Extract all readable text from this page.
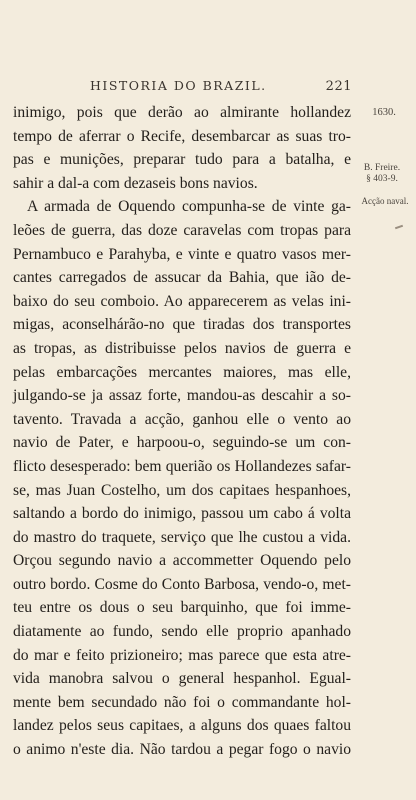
HISTORIA DO BRAZIL.	221
inimigo, pois que derão ao almirante hollandez
tempo de aferrar o Recife, desembarcar as suas tro-
pas e munições, preparar tudo para a batalha, e
sahir a dal-a com dezaseis bons navios.
A armada de Oquendo compunha-se de vinte ga-
leões de guerra, das doze caravelas com tropas para
Pernambuco e Parahyba, e vinte e quatro vasos mer-
cantes carregados de assucar da Bahia, que ião de-
baixo do seu comboio. Ao apparecerem as velas ini-
migas, aconselhárão-no que tiradas dos transportes
as tropas, as distribuisse pelos navios de guerra e
pelas embarcações mercantes maiores, mas elle,
julgando-se ja assaz forte, mandou-as descahir a so-
tavento. Travada a acção, ganhou elle o vento ao
navio de Pater, e harpoou-o, seguindo-se um con-
flicto desesperado: bem querião os Hollandezes safar-
se, mas Juan Costelho, um dos capitaes hespanhoes,
saltando a bordo do inimigo, passou um cabo á volta
do mastro do traquete, serviço que lhe custou a vida.
Orçou segundo navio a accommetter Oquendo pelo
outro bordo. Cosme do Conto Barbosa, vendo-o, met-
teu entre os dous o seu barquinho, que foi imme-
diatamente ao fundo, sendo elle proprio apanhado
do mar e feito prizioneiro; mas parece que esta atre-
vida manobra salvou o general hespanhol. Egual-
mente bem secundado não foi o commandante hol-
landez pelos seus capitaes, a alguns dos quaes faltou
o animo n'este dia. Não tardou a pegar fogo o navio
1630.
B. Freire.
§ 403-9.
Acção naval.
